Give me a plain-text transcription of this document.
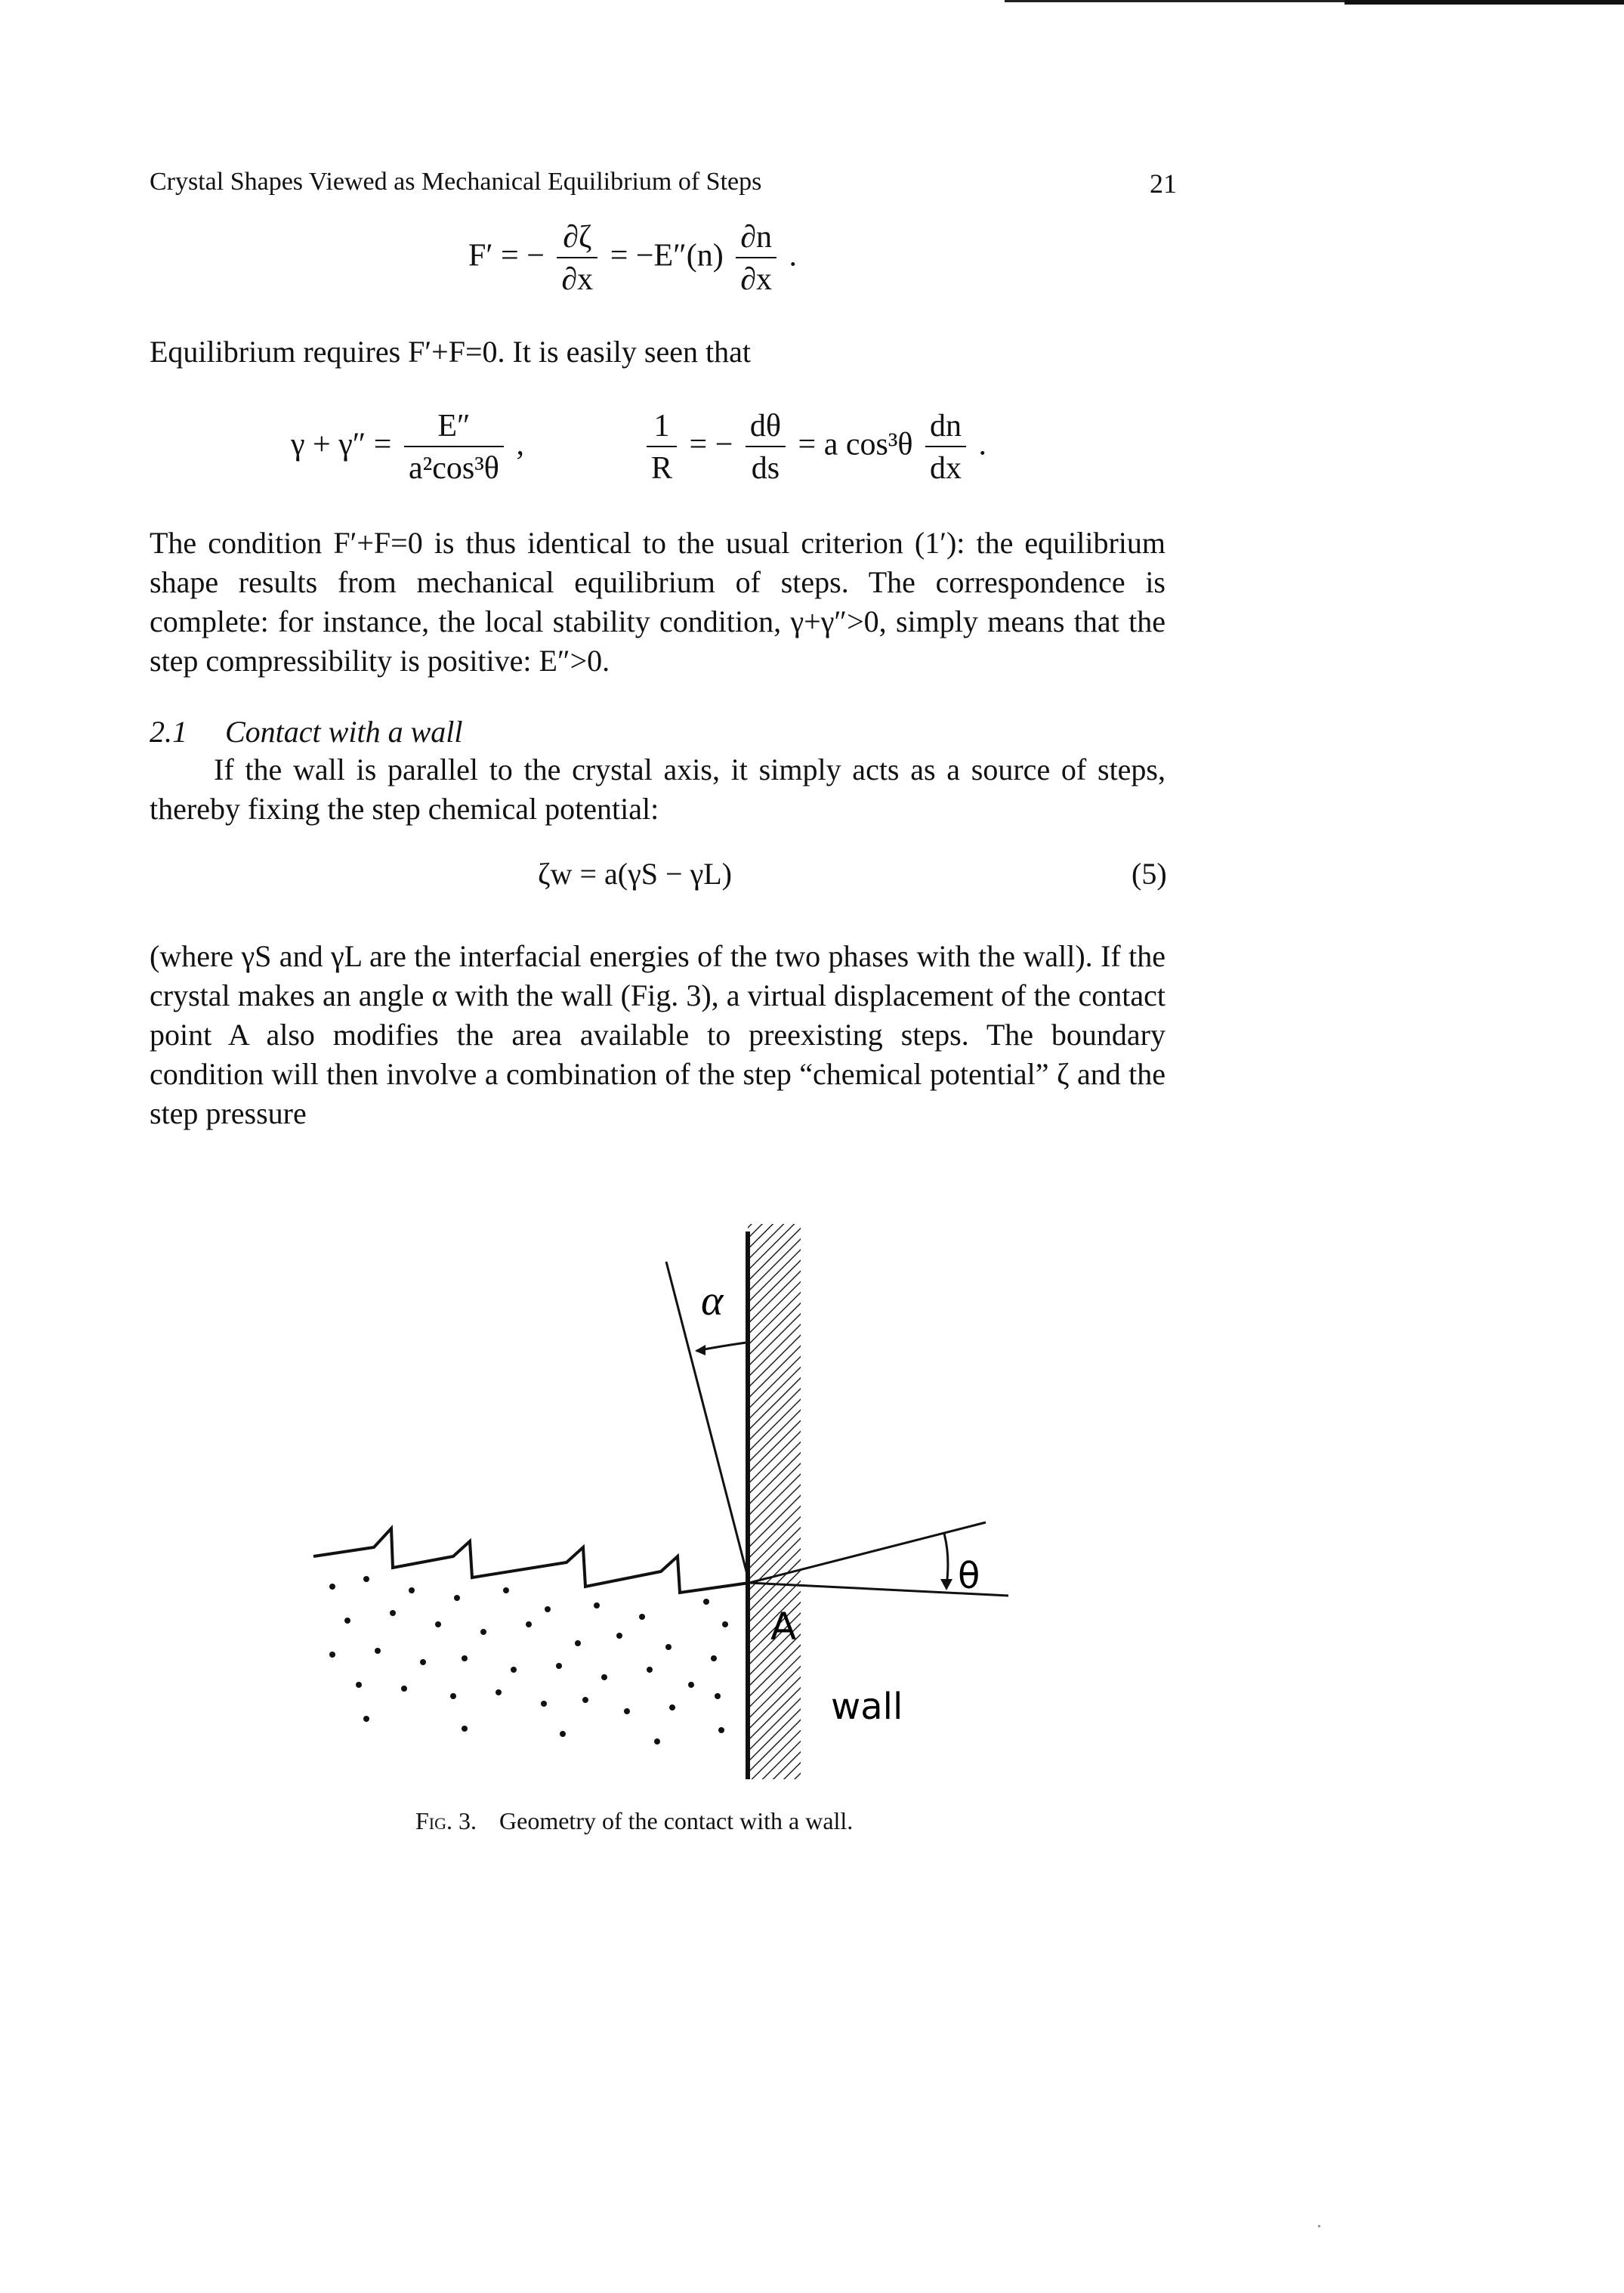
Crystal Shapes Viewed as Mechanical Equilibrium of Steps	21
F′ = − $\frac{\partial\zeta}{\partial x} = -E''(n) \frac{\partial n}{\partial x}$ .
Equilibrium requires F′+F=0. It is easily seen that
$\gamma + \gamma'' = \frac{E''}{\text{a²cos³θ}}$ ,	$\frac{1}{R}$ = − $\frac{d\theta}{ds} = a$ $\cos^3\theta \frac{dn}{dx}$ .
The condition F′+F=0 is thus identical to the usual criterion (1′): the equilibrium shape results from mechanical equilibrium of steps. The correspondence is complete: for instance, the local stability condition, γ+γ″>0, simply means that the step compressibility is positive: E″>0.
2.1 Contact with a wall
If the wall is parallel to the crystal axis, it simply acts as a source of steps, thereby fixing the step chemical potential:
ζw = a(γS − γL)	(5)
(where γS and γL are the interfacial energies of the two phases with the wall). If the crystal makes an angle α with the wall (Fig. 3), a virtual displacement of the contact point A also modifies the area available to preexisting steps. The boundary condition will then involve a combination of the step “chemical potential” ζ and the step pressure
α
θ
A
wall
Fig. 3. Geometry of the contact with a wall.
